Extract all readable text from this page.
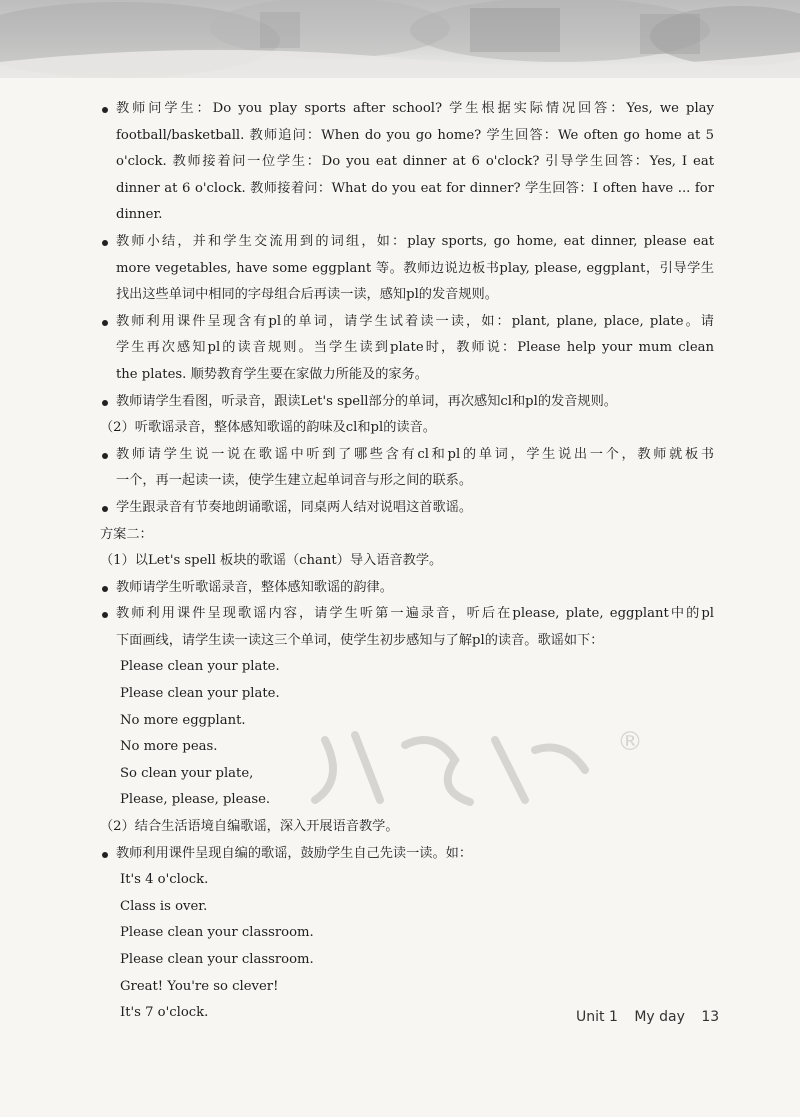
®
教师问学生：Do you play sports after school? 学生根据实际情况回答：Yes, we play
football/basketball. 教师追问：When do you go home? 学生回答：We often go home at 5
o'clock. 教师接着问一位学生：Do you eat dinner at 6 o'clock? 引导学生回答：Yes, I eat
dinner at 6 o'clock. 教师接着问：What do you eat for dinner? 学生回答：I often have ... for
dinner.
教师小结，并和学生交流用到的词组，如：play sports, go home, eat dinner, please eat
more vegetables, have some eggplant 等。教师边说边板书play, please, eggplant，引导学生
找出这些单词中相同的字母组合后再读一读，感知pl的发音规则。
教师利用课件呈现含有pl的单词，请学生试着读一读，如：plant, plane, place, plate。请
学生再次感知pl的读音规则。当学生读到plate时，教师说：Please help your mum clean
the plates. 顺势教育学生要在家做力所能及的家务。
教师请学生看图，听录音，跟读Let's spell部分的单词，再次感知cl和pl的发音规则。
（2）听歌谣录音，整体感知歌谣的韵味及cl和pl的读音。
教师请学生说一说在歌谣中听到了哪些含有cl和pl的单词，学生说出一个，教师就板书
一个，再一起读一读，使学生建立起单词音与形之间的联系。
学生跟录音有节奏地朗诵歌谣，同桌两人结对说唱这首歌谣。
方案二：
（1）以Let's spell 板块的歌谣（chant）导入语音教学。
教师请学生听歌谣录音，整体感知歌谣的韵律。
教师利用课件呈现歌谣内容，请学生听第一遍录音，听后在please, plate, eggplant中的pl
下面画线，请学生读一读这三个单词，使学生初步感知与了解pl的读音。歌谣如下：
Please clean your plate.
Please clean your plate.
No more eggplant.
No more peas.
So clean your plate,
Please, please, please.
（2）结合生活语境自编歌谣，深入开展语音教学。
教师利用课件呈现自编的歌谣，鼓励学生自己先读一读。如：
It's 4 o'clock.
Class is over.
Please clean your classroom.
Please clean your classroom.
Great! You're so clever!
It's 7 o'clock.	Unit 1 My day 13
